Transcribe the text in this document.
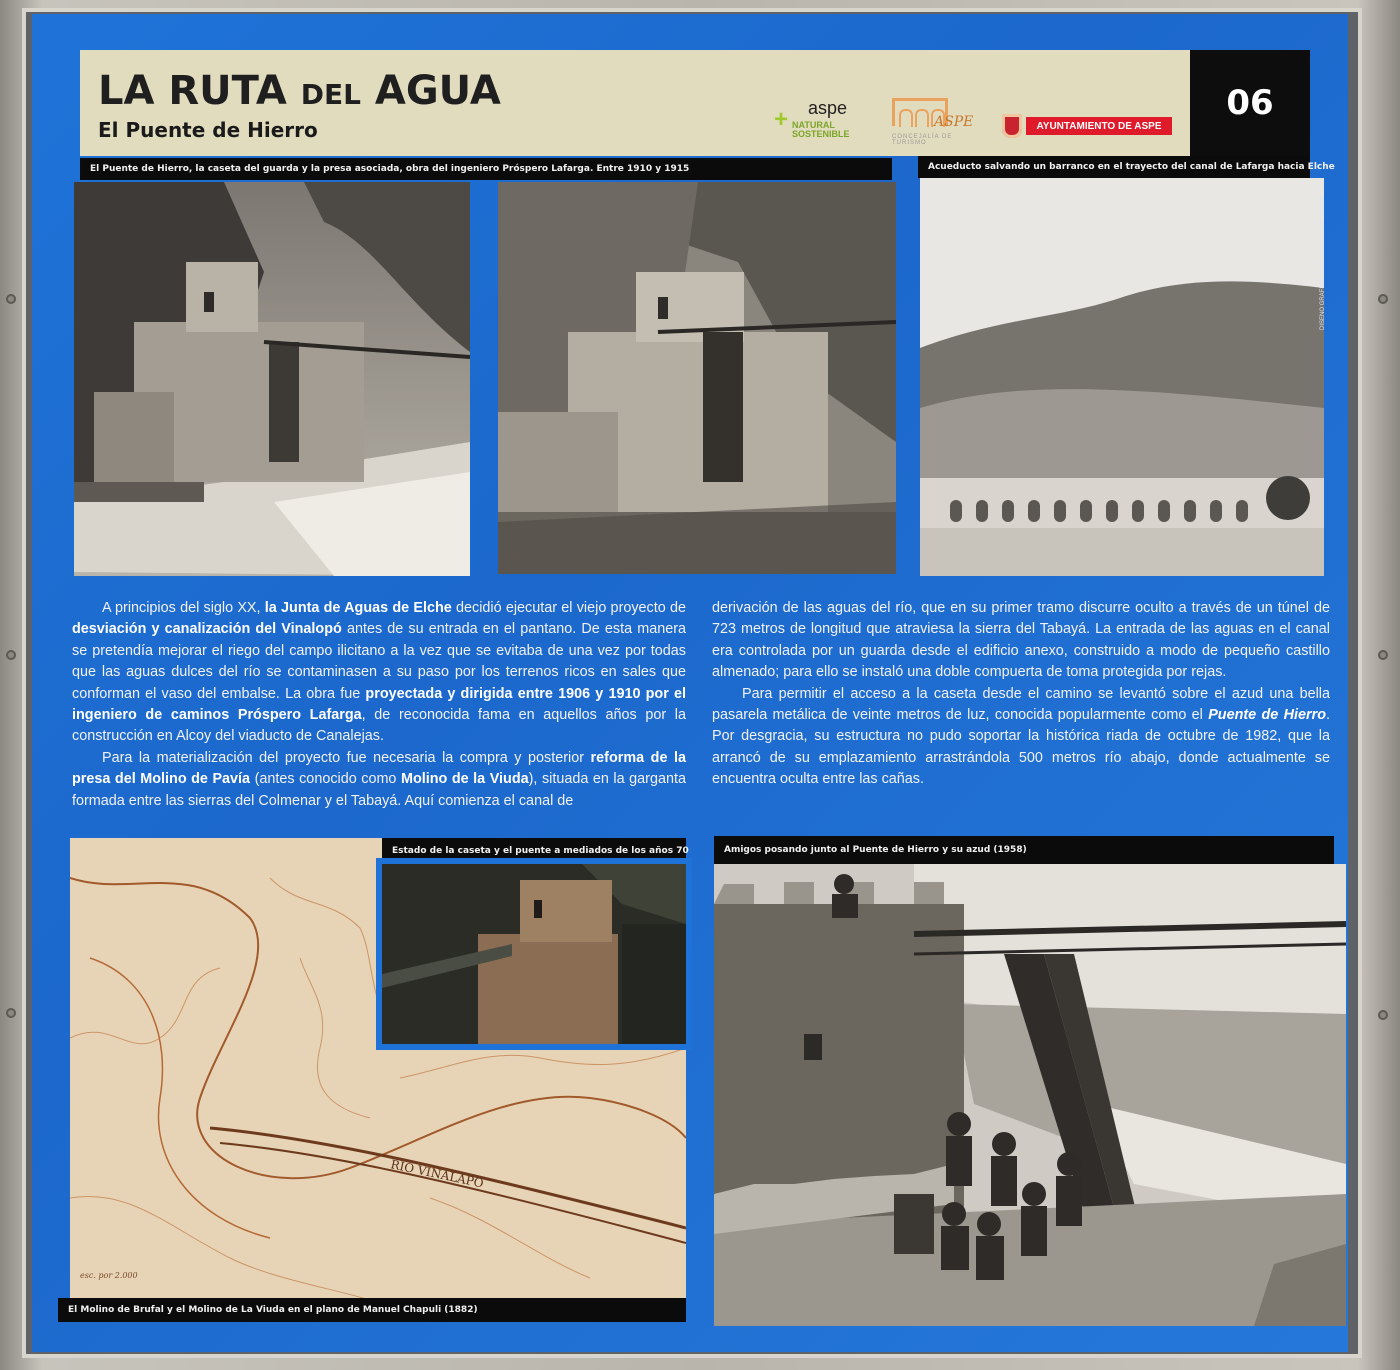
LA RUTA DEL AGUA
El Puente de Hierro
06
+ aspe
NATURAL
SOSTENIBLE
ASPE
CONCEJALÍA DE TURISMO
AYUNTAMIENTO DE ASPE
El Puente de Hierro, la caseta del guarda y la presa asociada, obra del ingeniero Próspero Lafarga. Entre 1910 y 1915	Acueducto salvando un barranco en el trayecto del canal de Lafarga hacia Elche

A principios del siglo XX, la Junta de Aguas de Elche decidió ejecutar el viejo proyecto de desviación y canalización del Vinalopó antes de su entrada en el pantano. De esta manera se pretendía mejorar el riego del campo ilicitano a la vez que se evitaba de una vez por todas que las aguas dulces del río se contaminasen a su paso por los terrenos ricos en sales que conforman el vaso del embalse. La obra fue proyectada y dirigida entre 1906 y 1910 por el ingeniero de caminos Próspero Lafarga, de reconocida fama en aquellos años por la construcción en Alcoy del viaducto de Canalejas.

Para la materialización del proyecto fue necesaria la compra y posterior reforma de la presa del Molino de Pavía (antes conocido como Molino de la Viuda), situada en la garganta formada entre las sierras del Colmenar y el Tabayá. Aquí comienza el canal de

derivación de las aguas del río, que en su primer tramo discurre oculto a través de un túnel de 723 metros de longitud que atraviesa la sierra del Tabayá. La entrada de las aguas en el canal era controlada por un guarda desde el edificio anexo, construido a modo de pequeño castillo almenado; para ello se instaló una doble compuerta de toma protegida por rejas.

Para permitir el acceso a la caseta desde el camino se levantó sobre el azud una bella pasarela metálica de veinte metros de luz, conocida popularmente como el Puente de Hierro. Por desgracia, su estructura no pudo soportar la histórica riada de octubre de 1982, que la arrancó de su emplazamiento arrastrándola 500 metros río abajo, donde actualmente se encuentra oculta entre las cañas.

RIO VINALAPO
esc. por 2.000
El Molino de Brufal y el Molino de La Viuda en el plano de Manuel Chapuli (1882)
Estado de la caseta y el puente a mediados de los años 70	Amigos posando junto al Puente de Hierro y su azud (1958)
DISEÑO GRÁFICO: Cuvas Comunicación Gráfica
